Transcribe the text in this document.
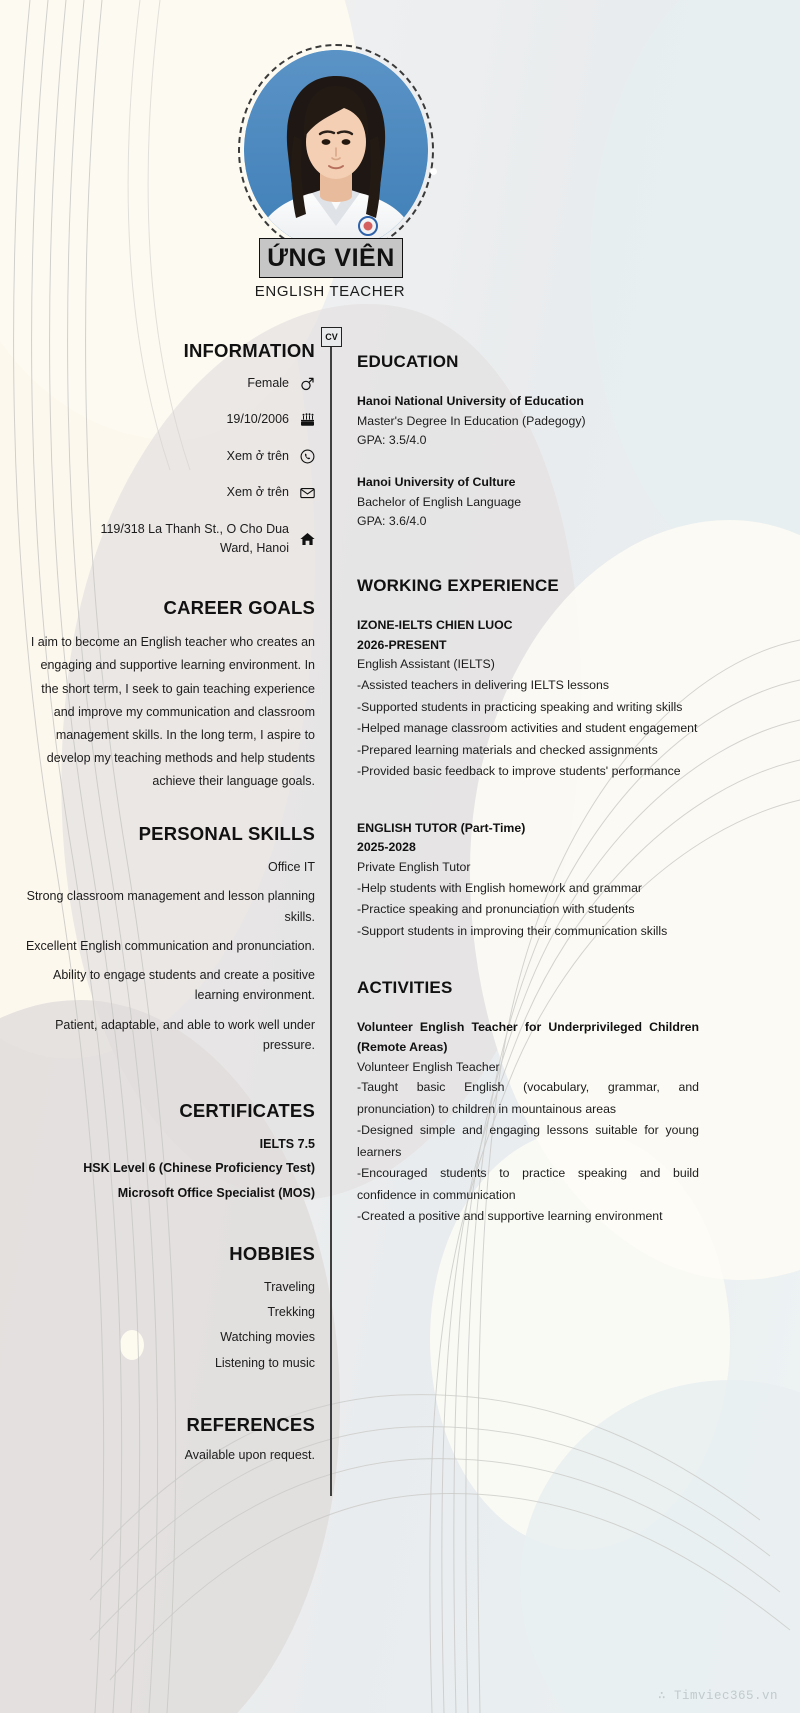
ỨNG VIÊN
ENGLISH TEACHER
CV
INFORMATION
Female
19/10/2006
Xem ở trên
Xem ở trên
119/318 La Thanh St., O Cho Dua Ward, Hanoi
CAREER GOALS

I aim to become an English teacher who creates an engaging and supportive learning environment. In the short term, I seek to gain teaching experience and improve my communication and classroom management skills. In the long term, I aspire to develop my teaching methods and help students achieve their language goals.

PERSONAL SKILLS

Office IT

Strong classroom management and lesson planning skills.

Excellent English communication and pronunciation.

Ability to engage students and create a positive learning environment.

Patient, adaptable, and able to work well under pressure.

CERTIFICATES

IELTS 7.5

HSK Level 6 (Chinese Proficiency Test)

Microsoft Office Specialist (MOS)

HOBBIES

Traveling

Trekking

Watching movies

Listening to music

REFERENCES

Available upon request.

EDUCATION

Hanoi National University of Education

Master's Degree In Education (Padegogy)

GPA: 3.5/4.0

Hanoi University of Culture

Bachelor of English Language

GPA: 3.6/4.0

WORKING EXPERIENCE

IZONE-IELTS CHIEN LUOC

2026-PRESENT

English Assistant (IELTS)

-Assisted teachers in delivering IELTS lessons

-Supported students in practicing speaking and writing skills

-Helped manage classroom activities and student engagement

-Prepared learning materials and checked assignments

-Provided basic feedback to improve students' performance

ENGLISH TUTOR (Part-Time)

2025-2028

Private English Tutor

-Help students with English homework and grammar

-Practice speaking and pronunciation with students

-Support students in improving their communication skills

ACTIVITIES

Volunteer English Teacher for Underprivileged Children (Remote Areas)

Volunteer English Teacher

-Taught basic English (vocabulary, grammar, and pronunciation) to children in mountainous areas

-Designed simple and engaging lessons suitable for young learners

-Encouraged students to practice speaking and build confidence in communication

-Created a positive and supportive learning environment

∴ Timviec365.vn
